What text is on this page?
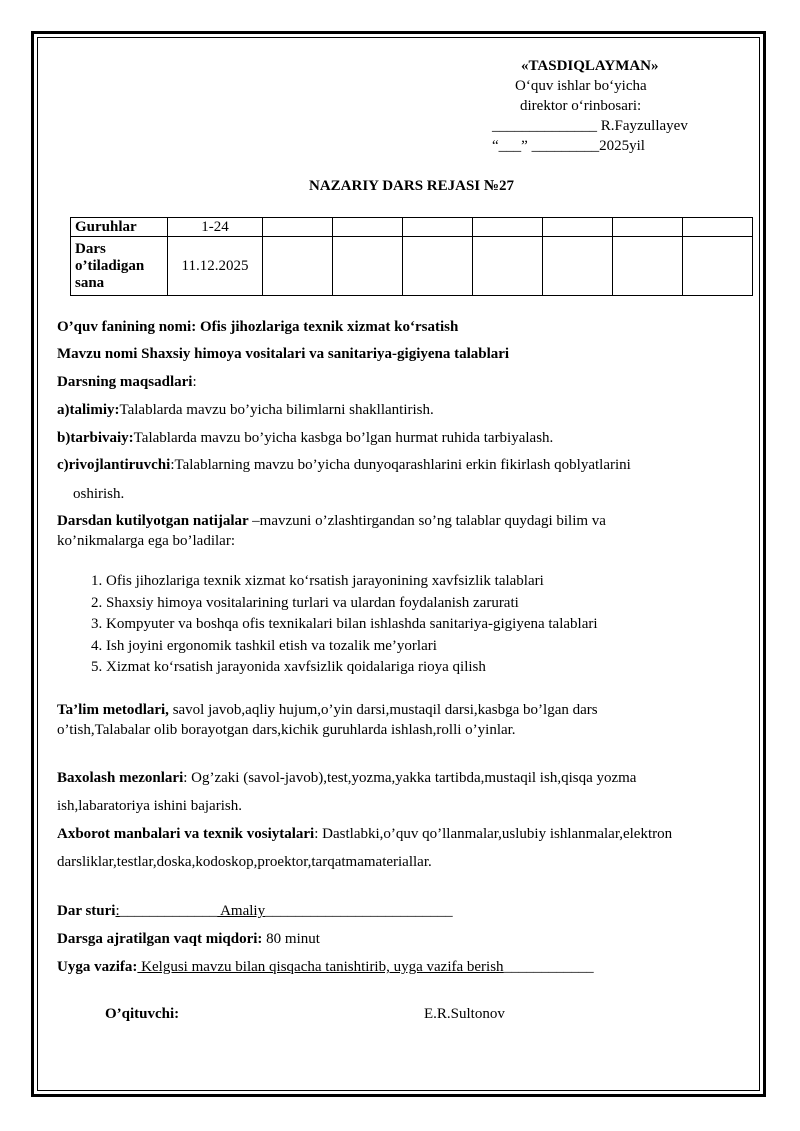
«TASDIQLAYMAN»
O‘quv ishlar bo‘yicha
direktor o‘rinbosari:
______________ R.Fayzullayev
“___” _________2025yil
NAZARIY DARS REJASI №27
Guruhlar	1-24							
Dars o’tiladigan sana	11.12.2025							
O’quv fanining nomi: Ofis jihozlariga texnik xizmat ko‘rsatish
Mavzu nomi Shaxsiy himoya vositalari va sanitariya-gigiyena talablari
Darsning maqsadlari:
a)talimiy:Talablarda mavzu bo’yicha bilimlarni shakllantirish.
b)tarbivaiy:Talablarda mavzu bo’yicha kasbga bo’lgan hurmat ruhida tarbiyalash.
c)rivojlantiruvchi:Talablarning mavzu bo’yicha dunyoqarashlarini erkin fikirlash qoblyatlarini
oshirish.
Darsdan kutilyotgan natijalar –mavzuni o’zlashtirgandan so’ng talablar quydagi bilim va
ko’nikmalarga ega bo’ladilar:
1. Ofis jihozlariga texnik xizmat ko‘rsatish jarayonining xavfsizlik talablari
2. Shaxsiy himoya vositalarining turlari va ulardan foydalanish zarurati
3. Kompyuter va boshqa ofis texnikalari bilan ishlashda sanitariya-gigiyena talablari
4. Ish joyini ergonomik tashkil etish va tozalik me’yorlari
5. Xizmat ko‘rsatish jarayonida xavfsizlik qoidalariga rioya qilish
Ta’lim metodlari, savol javob,aqliy hujum,o’yin darsi,mustaqil darsi,kasbga bo’lgan dars
o’tish,Talabalar olib borayotgan dars,kichik guruhlarda ishlash,rolli o’yinlar.
Baxolash mezonlari: Og’zaki (savol-javob),test,yozma,yakka tartibda,mustaqil ish,qisqa yozma
ish,labaratoriya ishini bajarish.
Axborot manbalari va texnik vosiytalari: Dastlabki,o’quv qo’llanmalar,uslubiy ishlanmalar,elektron
darsliklar,testlar,doska,kodoskop,proektor,tarqatmamateriallar.
Dar sturi:_____________ Amaliy_________________________
Darsga ajratilgan vaqt miqdori: 80 minut
Uyga vazifa: Kelgusi mavzu bilan qisqacha tanishtirib, uyga vazifa berish____________
O’qituvchi:	E.R.Sultonov
